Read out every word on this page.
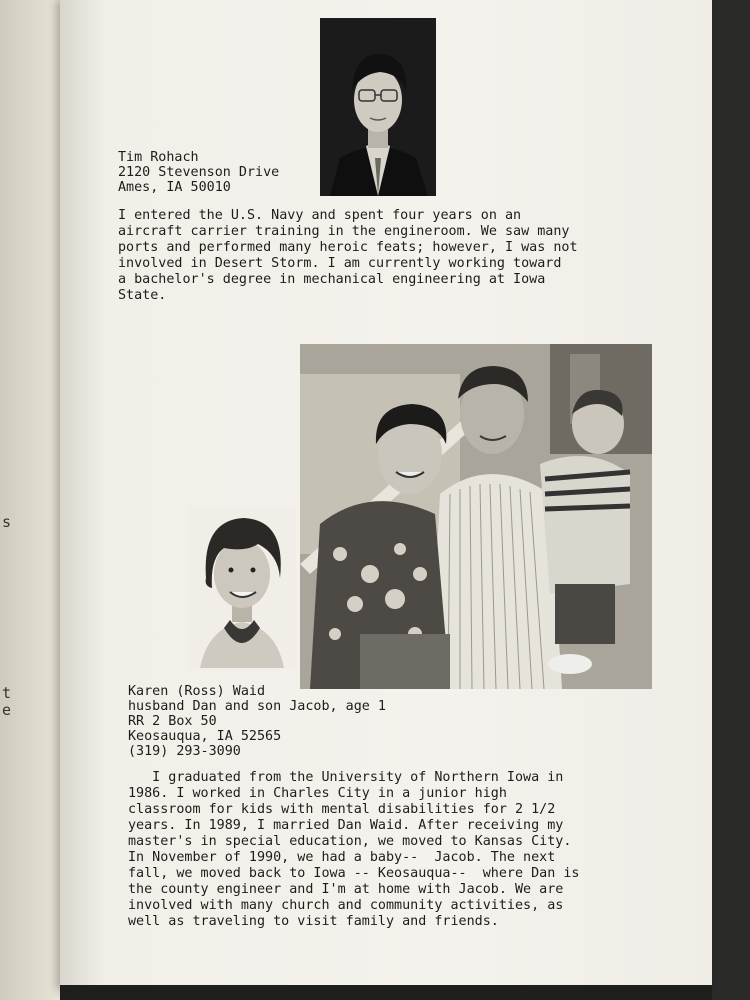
s
t
e
Tim Rohach
2120 Stevenson Drive
Ames, IA 50010
I entered the U.S. Navy and spent four years on an
aircraft carrier training in the engineroom. We saw many
ports and performed many heroic feats; however, I was not
involved in Desert Storm. I am currently working toward
a bachelor's degree in mechanical engineering at Iowa
State.
Karen (Ross) Waid
husband Dan and son Jacob, age 1
RR 2 Box 50
Keosauqua, IA 52565
(319) 293-3090
I graduated from the University of Northern Iowa in
1986. I worked in Charles City in a junior high
classroom for kids with mental disabilities for 2 1/2
years. In 1989, I married Dan Waid. After receiving my
master's in special education, we moved to Kansas City.
In November of 1990, we had a baby--  Jacob. The next
fall, we moved back to Iowa -- Keosauqua--  where Dan is
the county engineer and I'm at home with Jacob. We are
involved with many church and community activities, as
well as traveling to visit family and friends.
